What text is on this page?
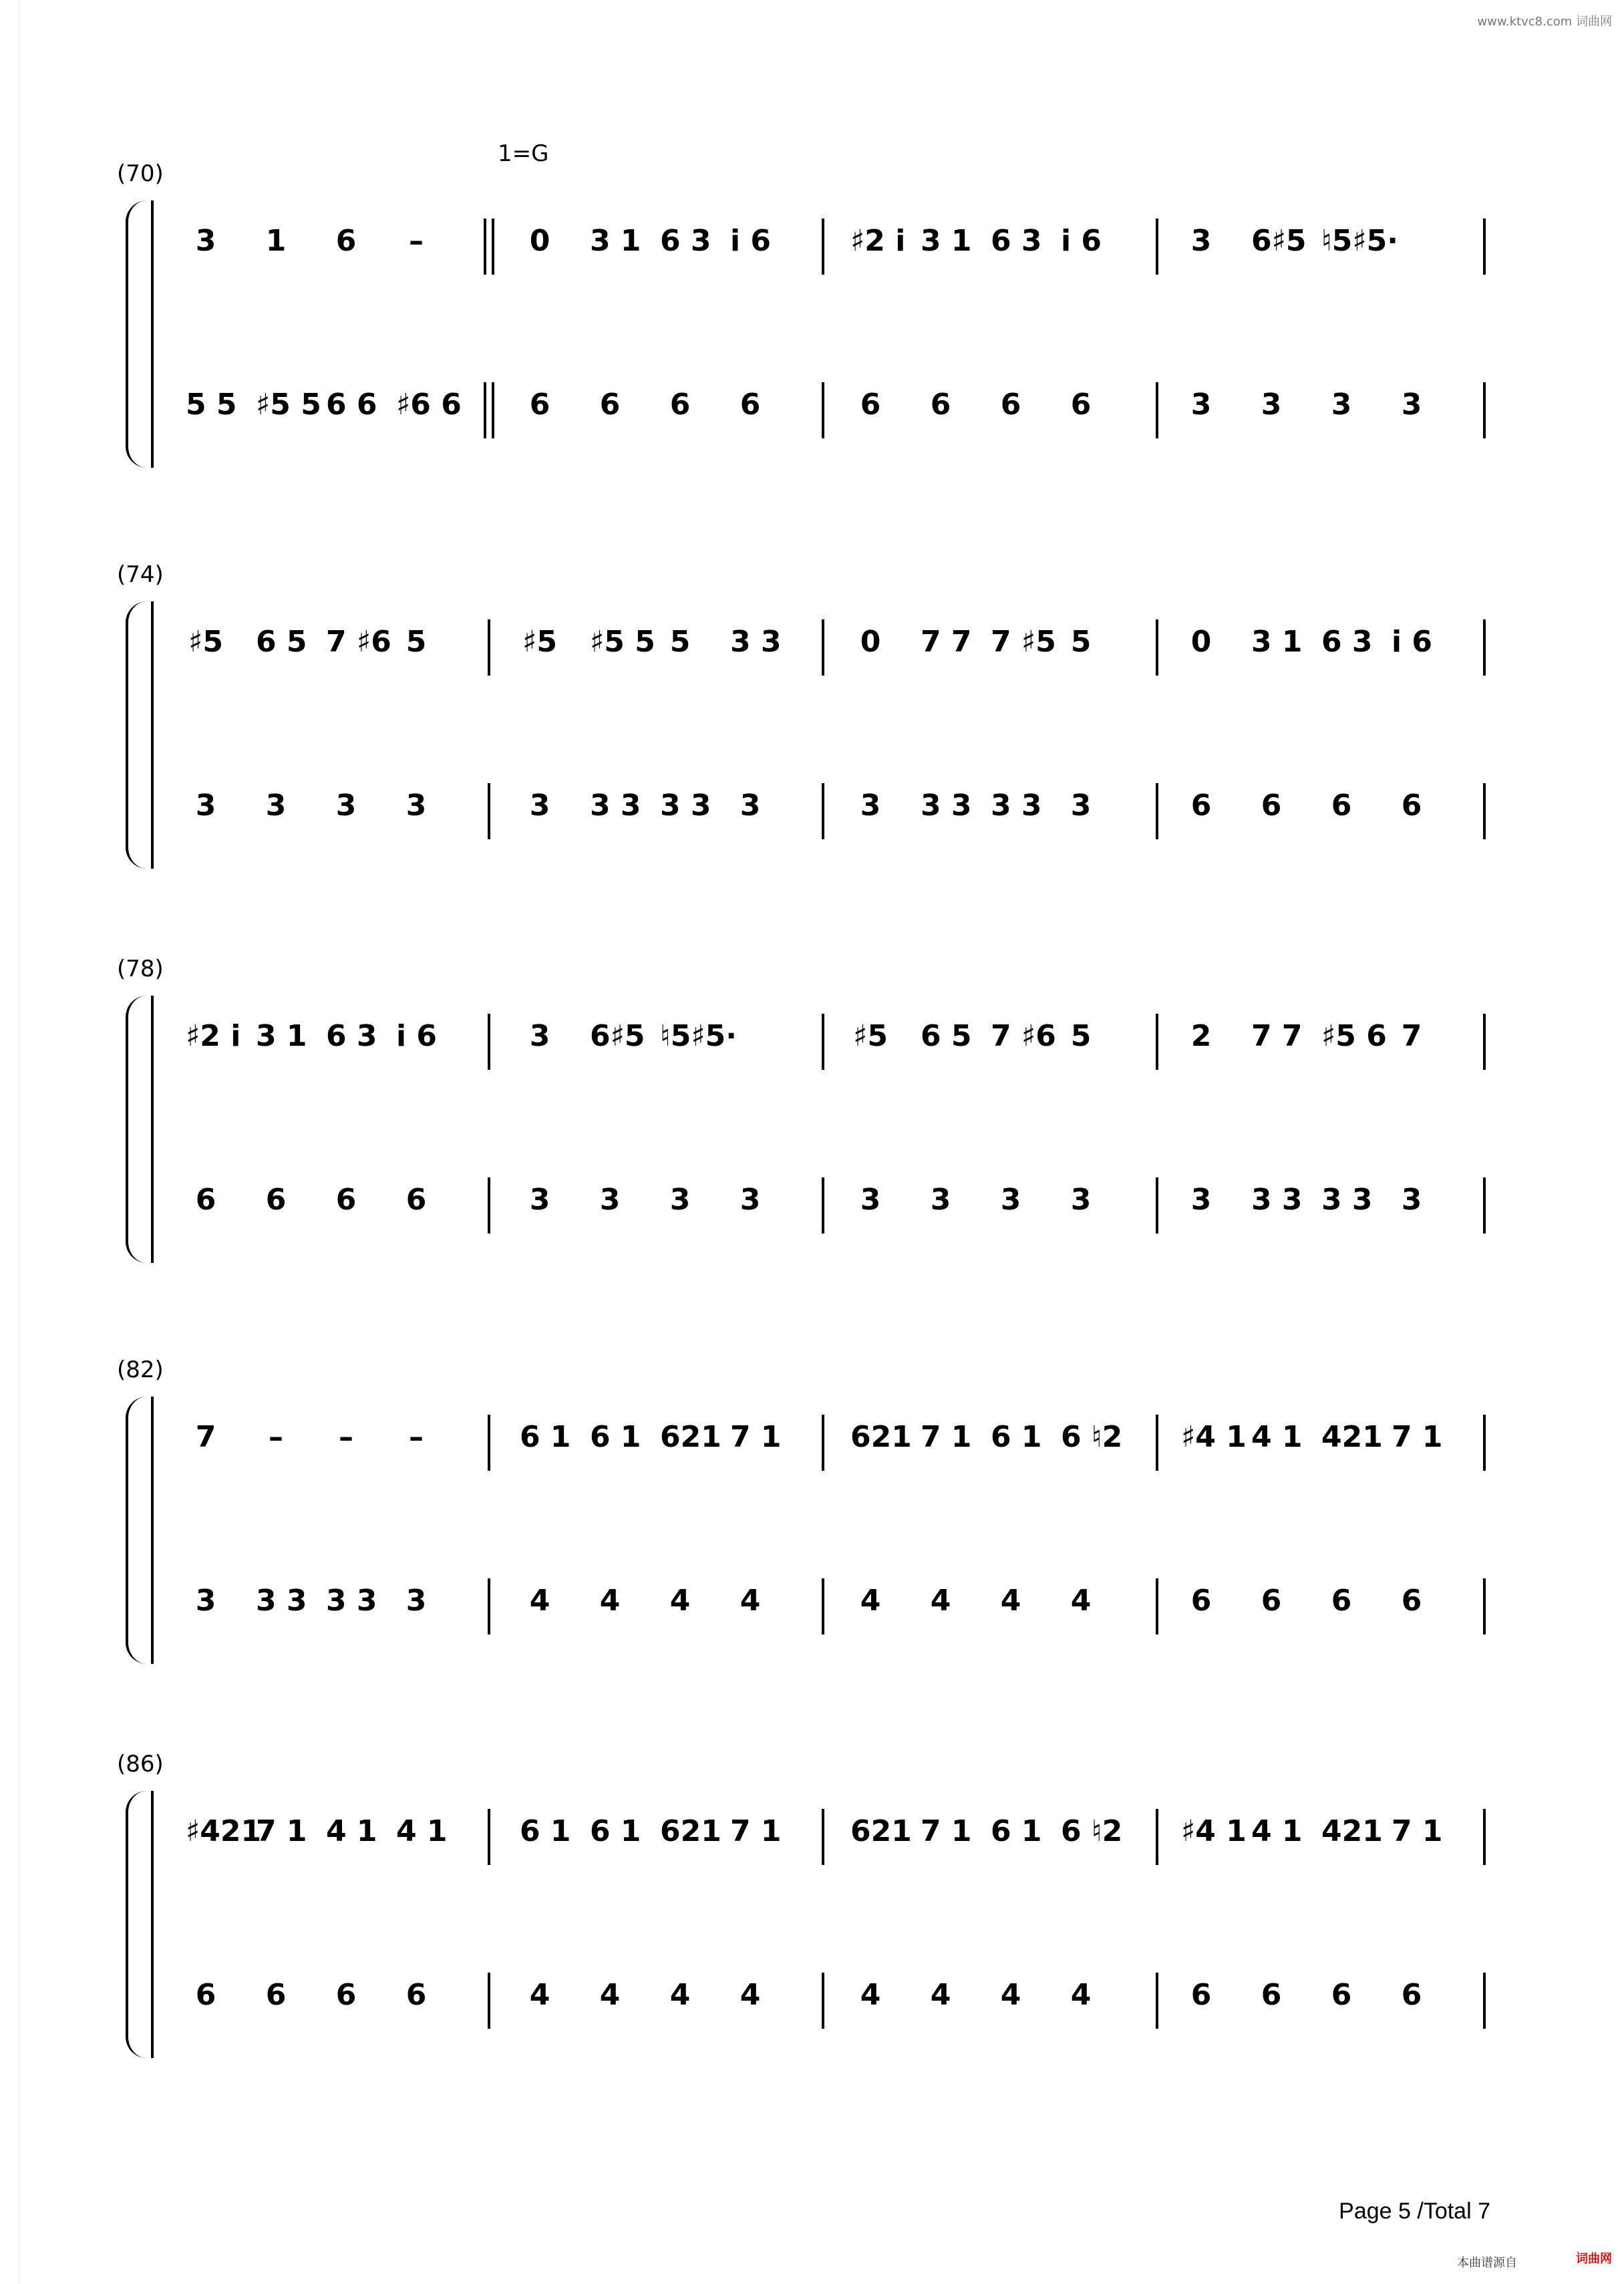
www.ktvc8.com 词曲网
1=G
(70)
3	1	6	–	0	3 1 6 3 i 6	♯2 i 3 1 6 3 i 6	3	6♯5 ♮5♯5·
5 5 ♯5 5 6 6 ♯6 6	6	6	6	6	6	6	6	6	3	3	3	3
(74)
♯5 6 5 7 ♯6 5	♯5 ♯5 5 5	3 3	0	7 7 7 ♯5 5	0	3 1 6 3 i 6
3	3	3	3	3	3 3 3 3 3	3	3 3 3 3 3	6	6	6	6
(78)
♯2 i 3 1 6 3 i 6	3	6♯5 ♮5♯5·	♯5 6 5 7 ♯6 5	2	7 7 ♯5 6 7
6	6	6	6	3	3	3	3	3	3	3	3	3	3 3 3 3 3
(82)
7	–	–	–	6 1 6 1 621 7 1 621 7 1 6 1 6 ♮2 ♯4 1 4 1 421 7 1
3	3 3 3 3 3	4	4	4	4	4	4	4	4	6	6	6	6
(86)
♯421
7 1 4 1 4 1 6 1 6 1 621 7 1 621 7 1 6 1 6 ♮2 ♯4 1 4 1 421 7 1
6	6	6	6	4	4	4	4	4	4	4	4	6	6	6	6
Page 5 /Total 7
本曲谱源自	词曲网
